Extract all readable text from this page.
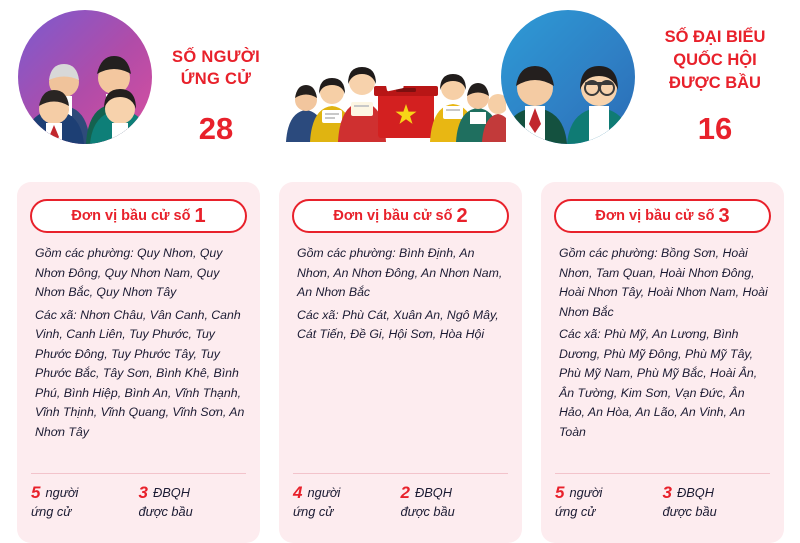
SỐ NGƯỜI
ỨNG CỬ
28
SỐ ĐẠI BIỂU
QUỐC HỘI
ĐƯỢC BẦU
16
Đơn vị bầu cử số 1
Gồm các phường: Quy Nhơn, Quy Nhơn Đông, Quy Nhơn Nam, Quy Nhơn Bắc, Quy Nhơn Tây
Các xã: Nhơn Châu, Vân Canh, Canh Vinh, Canh Liên, Tuy Phước, Tuy Phước Đông, Tuy Phước Tây, Tuy Phước Bắc, Tây Sơn, Bình Khê, Bình Phú, Bình Hiệp, Bình An, Vĩnh Thạnh, Vĩnh Thịnh, Vĩnh Quang, Vĩnh Sơn, An Nhơn Tây
5 người
ứng cử
3 ĐBQH
được bầu
Đơn vị bầu cử số 2
Gồm các phường: Bình Định, An Nhơn, An Nhơn Đông, An Nhơn Nam, An Nhơn Bắc
Các xã: Phù Cát, Xuân An, Ngô Mây, Cát Tiến, Đề Gi, Hội Sơn, Hòa Hội
4 người
ứng cử
2 ĐBQH
được bầu
Đơn vị bầu cử số 3
Gồm các phường: Bồng Sơn, Hoài Nhơn, Tam Quan, Hoài Nhơn Đông, Hoài Nhơn Tây, Hoài Nhơn Nam, Hoài Nhơn Bắc
Các xã: Phù Mỹ, An Lương, Bình Dương, Phù Mỹ Đông, Phù Mỹ Tây, Phù Mỹ Nam, Phù Mỹ Bắc, Hoài Ân, Ân Tường, Kim Sơn, Vạn Đức, Ân Hảo, An Hòa, An Lão, An Vinh, An Toàn
5 người
ứng cử
3 ĐBQH
được bầu
